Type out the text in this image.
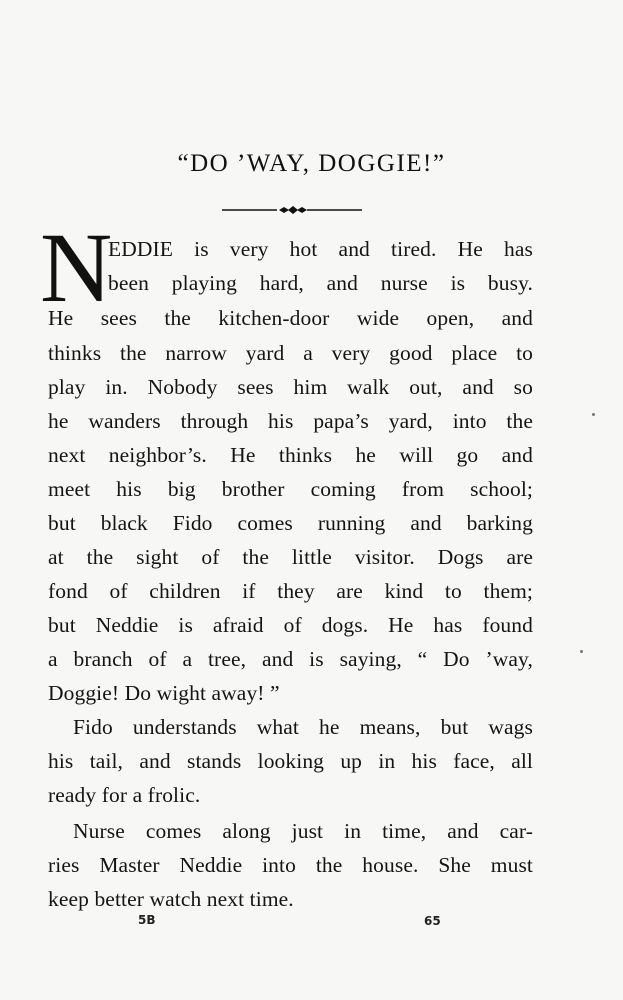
“DO ’WAY, DOGGIE!”
N
EDDIE is very hot and tired. He has
been playing hard, and nurse is busy.
He sees the kitchen-door wide open, and
thinks the narrow yard a very good place to
play in. Nobody sees him walk out, and so
he wanders through his papa’s yard, into the
next neighbor’s. He thinks he will go and
meet his big brother coming from school;
but black Fido comes running and barking
at the sight of the little visitor. Dogs are
fond of children if they are kind to them;
but Neddie is afraid of dogs. He has found
a branch of a tree, and is saying, “ Do ’way,
Doggie! Do wight away! ”
Fido understands what he means, but wags
his tail, and stands looking up in his face, all
ready for a frolic.
Nurse comes along just in time, and car-
ries Master Neddie into the house. She must
keep better watch next time.
5B	65
